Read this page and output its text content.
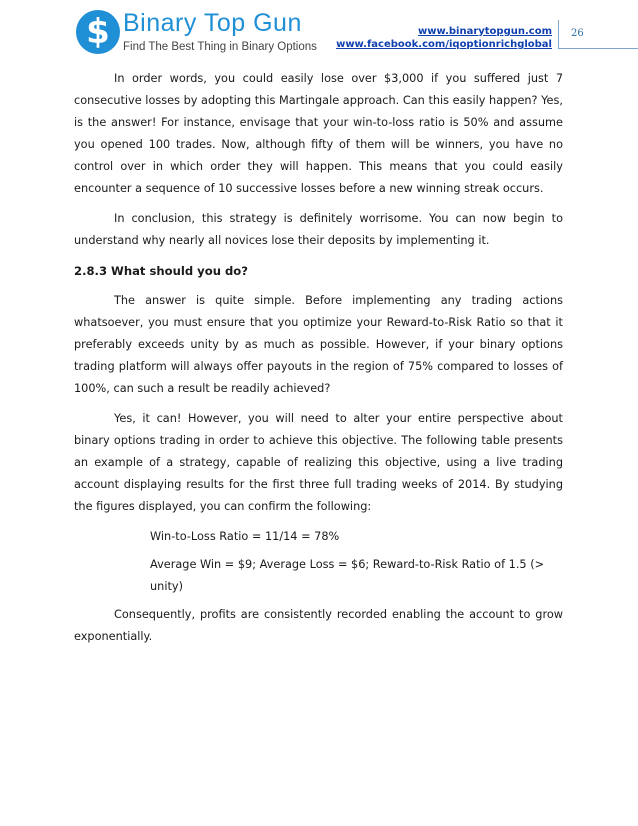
$ Binary Top Gun
Find The Best Thing in Binary Options
www.binarytopgun.com
www.facebook.com/iqoptionrichglobal
26

In order words, you could easily lose over $3,000 if you suffered just 7 consecutive losses by adopting this Martingale approach. Can this easily happen? Yes, is the answer! For instance, envisage that your win-to-loss ratio is 50% and assume you opened 100 trades. Now, although fifty of them will be winners, you have no control over in which order they will happen. This means that you could easily encounter a sequence of 10 successive losses before a new winning streak occurs.

In conclusion, this strategy is definitely worrisome. You can now begin to understand why nearly all novices lose their deposits by implementing it.

2.8.3 What should you do?

The answer is quite simple. Before implementing any trading actions whatsoever, you must ensure that you optimize your Reward-to-Risk Ratio so that it preferably exceeds unity by as much as possible. However, if your binary options trading platform will always offer payouts in the region of 75% compared to losses of 100%, can such a result be readily achieved?

Yes, it can! However, you will need to alter your entire perspective about binary options trading in order to achieve this objective. The following table presents an example of a strategy, capable of realizing this objective, using a live trading account displaying results for the first three full trading weeks of 2014. By studying the figures displayed, you can confirm the following:

Win-to-Loss Ratio = 11/14 = 78%

Average Win = $9; Average Loss = $6; Reward-to-Risk Ratio of 1.5 (> unity)

Consequently, profits are consistently recorded enabling the account to grow exponentially.
